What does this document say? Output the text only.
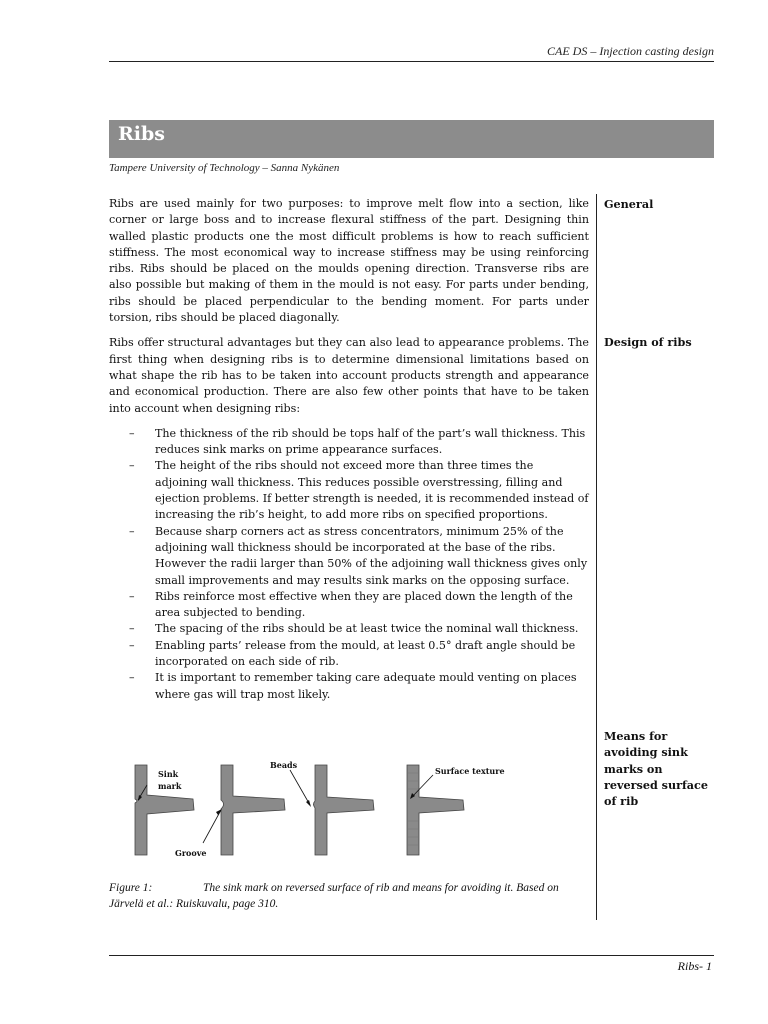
CAE DS – Injection casting design
Ribs
Tampere University of Technology – Sanna Nykänen

Ribs are used mainly for two purposes: to improve melt flow into a section, like corner or large boss and to increase flexural stiffness of the part. Designing thin walled plastic products one the most difficult problems is how to reach sufficient stiffness. The most economical way to increase stiffness may be using reinforcing ribs. Ribs should be placed on the moulds opening direction. Transverse ribs are also possible but making of them in the mould is not easy. For parts under bending, ribs should be placed perpendicular to the bending moment. For parts under torsion, ribs should be placed diagonally.

Ribs offer structural advantages but they can also lead to appearance problems. The first thing when designing ribs is to determine dimensional limitations based on what shape the rib has to be taken into account products strength and appearance and economical production. There are also few other points that have to be taken into account when designing ribs:

– The thickness of the rib should be tops half of the part’s wall thickness. This reduces sink marks on prime appearance surfaces.
– The height of the ribs should not exceed more than three times the adjoining wall thickness. This reduces possible overstressing, filling and ejection problems. If better strength is needed, it is recommended instead of increasing the rib’s height, to add more ribs on specified proportions.
– Because sharp corners act as stress concentrators, minimum 25% of the adjoining wall thickness should be incorporated at the base of the ribs. However the radii larger than 50% of the adjoining wall thickness gives only small improvements and may results sink marks on the opposing surface.
– Ribs reinforce most effective when they are placed down the length of the area subjected to bending.
– The spacing of the ribs should be at least twice the nominal wall thickness.
– Enabling parts’ release from the mould, at least 0.5° draft angle should be incorporated on each side of rib.
– It is important to remember taking care adequate mould venting on places where gas will trap most likely.
General
Design of ribs
Means for avoiding sink marks on reversed surface of rib
Sink
mark
Groove
Beads
Surface texture
Figure 1:	The sink mark on reversed surface of rib and means for avoiding it. Based on Järvelä et al.: Ruiskuvalu, page 310.
Ribs- 1
